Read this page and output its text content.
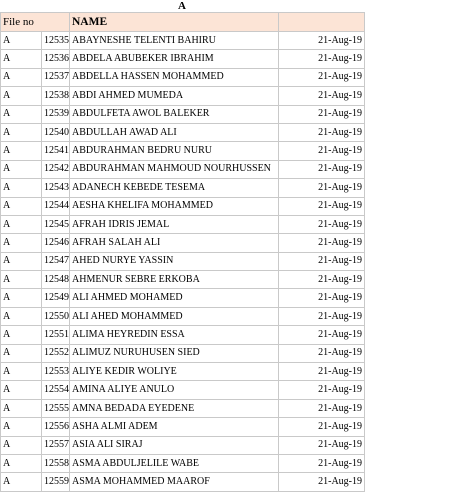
A
File no		NAME	
A	12535	ABAYNESHE TELENTI BAHIRU	21-Aug-19
A	12536	ABDELA ABUBEKER IBRAHIM	21-Aug-19
A	12537	ABDELLA HASSEN MOHAMMED	21-Aug-19
A	12538	ABDI AHMED MUMEDA	21-Aug-19
A	12539	ABDULFETA AWOL BALEKER	21-Aug-19
A	12540	ABDULLAH AWAD ALI	21-Aug-19
A	12541	ABDURAHMAN BEDRU NURU	21-Aug-19
A	12542	ABDURAHMAN MAHMOUD NOURHUSSEN	21-Aug-19
A	12543	ADANECH KEBEDE TESEMA	21-Aug-19
A	12544	AESHA KHELIFA MOHAMMED	21-Aug-19
A	12545	AFRAH IDRIS JEMAL	21-Aug-19
A	12546	AFRAH SALAH ALI	21-Aug-19
A	12547	AHED NURYE YASSIN	21-Aug-19
A	12548	AHMENUR SEBRE ERKOBA	21-Aug-19
A	12549	ALI AHMED MOHAMED	21-Aug-19
A	12550	ALI AHED MOHAMMED	21-Aug-19
A	12551	ALIMA HEYREDIN ESSA	21-Aug-19
A	12552	ALIMUZ NURUHUSEN SIED	21-Aug-19
A	12553	ALIYE KEDIR WOLIYE	21-Aug-19
A	12554	AMINA ALIYE ANULO	21-Aug-19
A	12555	AMNA BEDADA EYEDENE	21-Aug-19
A	12556	ASHA ALMI ADEM	21-Aug-19
A	12557	ASIA ALI SIRAJ	21-Aug-19
A	12558	ASMA ABDULJELILE WABE	21-Aug-19
A	12559	ASMA MOHAMMED MAAROF	21-Aug-19
